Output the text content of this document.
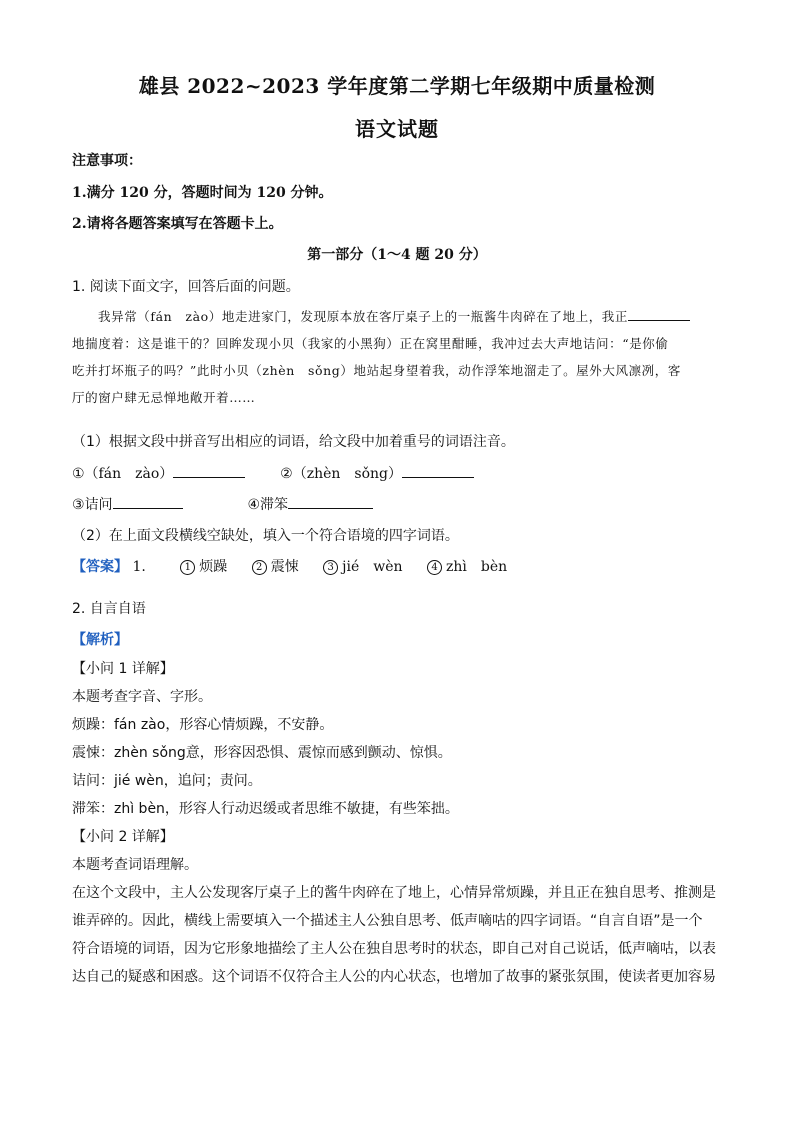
雄县 2022~2023 学年度第二学期七年级期中质量检测
语文试题
注意事项：
1.满分 120 分，答题时间为 120 分钟。
2.请将各题答案填写在答题卡上。
第一部分（1～4 题 20 分）
1. 阅读下面文字，回答后面的问题。

我异常（fán　zào）地走进家门，发现原本放在客厅桌子上的一瓶酱牛肉碎在了地上，我正

地揣度着：这是谁干的？回眸发现小贝（我家的小黑狗）正在窝里酣睡，我冲过去大声地诘问：“是你偷

吃并打坏瓶子的吗？”此时小贝（zhèn　sǒng）地站起身望着我，动作浮笨地溜走了。屋外大风凛冽，客

厅的窗户肆无忌惮地敞开着……

（1）根据文段中拼音写出相应的词语，给文段中加着重号的词语注音。
①（fán　zào）	②（zhèn　sǒng）
③诘问	④滞笨
（2）在上面文段横线空缺处，填入一个符合语境的四字词语。
【答案】 1.	1 烦躁	2 震悚	3 jié　wèn	4 zhì　bèn
2. 自言自语
【解析】

【小问 1 详解】

本题考查字音、字形。

烦躁：fán zào，形容心情烦躁，不安静。

震悚：zhèn sǒng意，形容因恐惧、震惊而感到颤动、惊惧。

诘问：jié wèn，追问；责问。

滞笨：zhì bèn，形容人行动迟缓或者思维不敏捷，有些笨拙。

【小问 2 详解】

本题考查词语理解。

在这个文段中，主人公发现客厅桌子上的酱牛肉碎在了地上，心情异常烦躁，并且正在独自思考、推测是

谁弄碎的。因此，横线上需要填入一个描述主人公独自思考、低声嘀咕的四字词语。“自言自语”是一个

符合语境的词语，因为它形象地描绘了主人公在独自思考时的状态，即自己对自己说话，低声嘀咕，以表

达自己的疑惑和困惑。这个词语不仅符合主人公的内心状态，也增加了故事的紧张氛围，使读者更加容易
